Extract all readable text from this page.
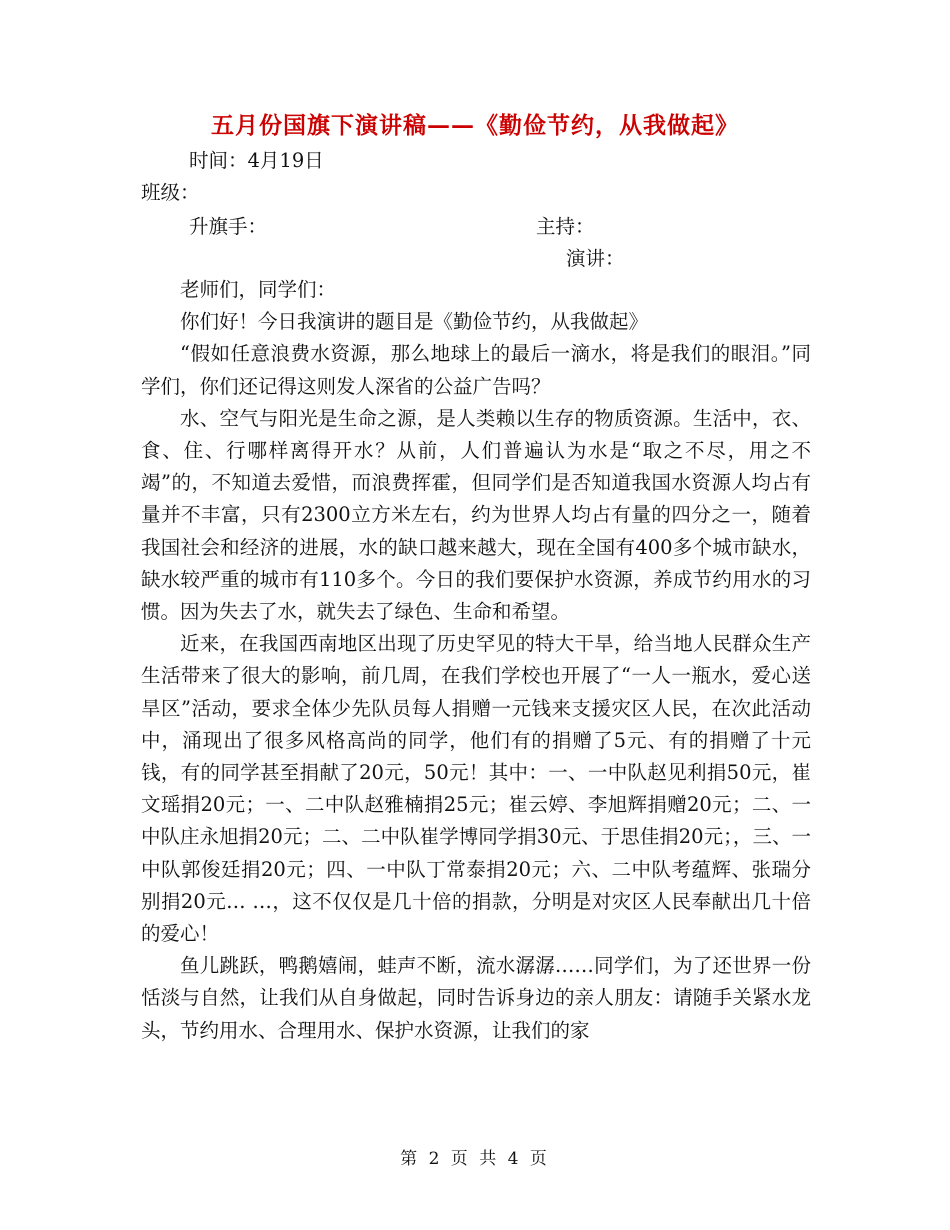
五月份国旗下演讲稿——《勤俭节约，从我做起》
时间：4月19日
班级：
升旗手：	主持：
演讲：

老师们，同学们：

你们好！今日我演讲的题目是《勤俭节约，从我做起》

“假如任意浪费水资源，那么地球上的最后一滴水，将是我们的眼泪。”同学们，你们还记得这则发人深省的公益广告吗？

水、空气与阳光是生命之源，是人类赖以生存的物质资源。生活中，衣、食、住、行哪样离得开水？从前，人们普遍认为水是“取之不尽，用之不竭”的，不知道去爱惜，而浪费挥霍，但同学们是否知道我国水资源人均占有量并不丰富，只有2300立方米左右，约为世界人均占有量的四分之一，随着我国社会和经济的进展，水的缺口越来越大，现在全国有400多个城市缺水，缺水较严重的城市有110多个。今日的我们要保护水资源，养成节约用水的习惯。因为失去了水，就失去了绿色、生命和希望。

近来，在我国西南地区出现了历史罕见的特大干旱，给当地人民群众生产生活带来了很大的影响，前几周，在我们学校也开展了“一人一瓶水，爱心送旱区”活动，要求全体少先队员每人捐赠一元钱来支援灾区人民，在次此活动中，涌现出了很多风格高尚的同学，他们有的捐赠了5元、有的捐赠了十元钱，有的同学甚至捐献了20元，50元！其中：一、一中队赵见利捐50元，崔文瑶捐20元；一、二中队赵雅楠捐25元；崔云婷、李旭辉捐赠20元；二、一中队庄永旭捐20元；二、二中队崔学博同学捐30元、于思佳捐20元；，三、一中队郭俊廷捐20元；四、一中队丁常泰捐20元；六、二中队考蕴辉、张瑞分别捐20元… …，这不仅仅是几十倍的捐款，分明是对灾区人民奉献出几十倍的爱心！

鱼儿跳跃，鸭鹅嬉闹，蛙声不断，流水潺潺……同学们，为了还世界一份恬淡与自然，让我们从自身做起，同时告诉身边的亲人朋友：请随手关紧水龙头，节约用水、合理用水、保护水资源，让我们的家

第 2 页 共 4 页
